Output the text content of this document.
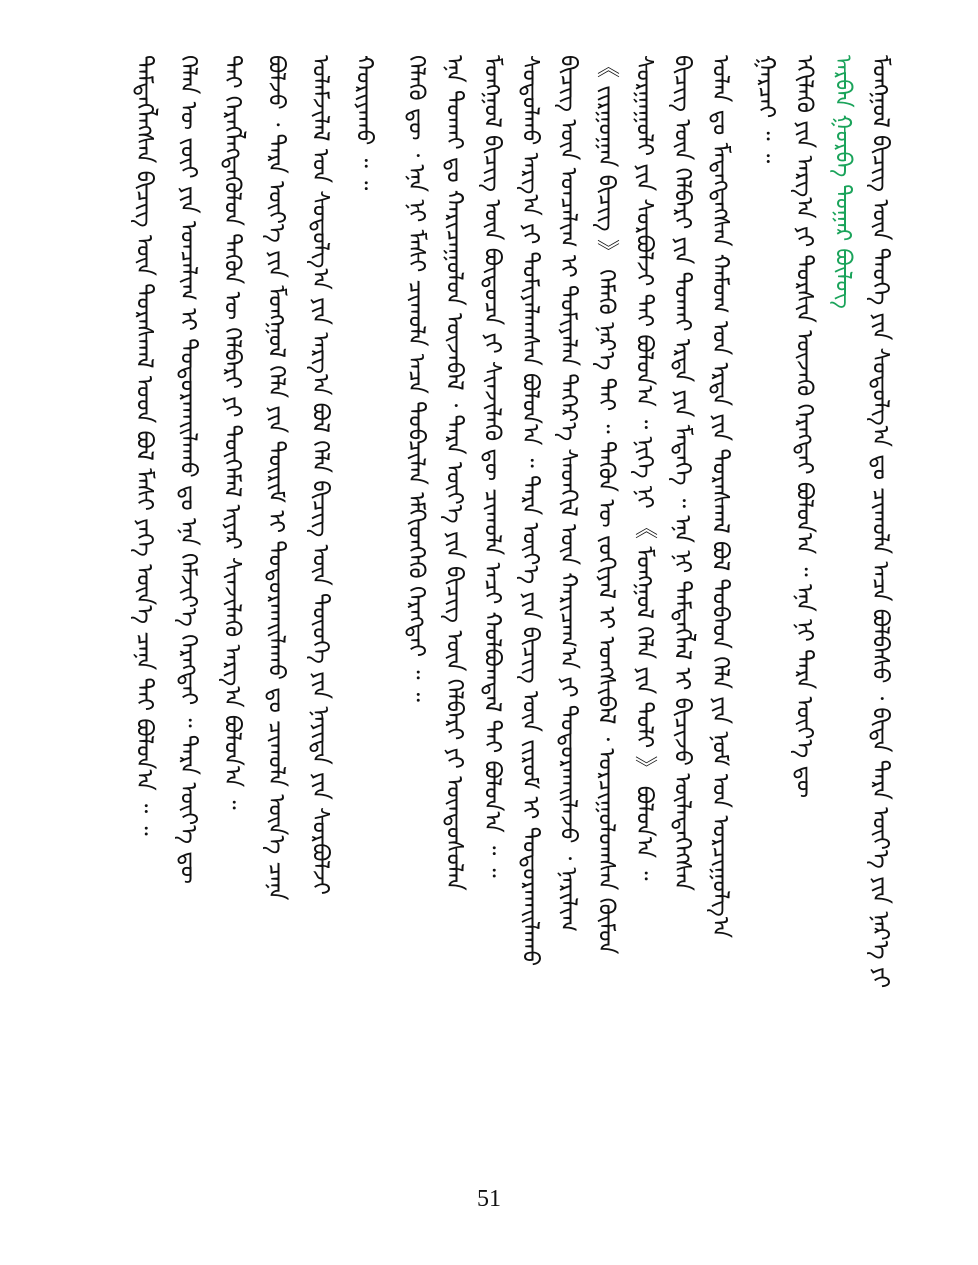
ᠮᠣᠩᠭᠣᠯ ᠪᠢᠴᠢᠭ᠌ ᠦᠨ ᠲᠡᠦᠬᠡ ᠶᠢᠨ ᠰᠤᠳᠤᠯᠭ᠎ᠠ ᠳᠤ ᠴᠢᠬᠤᠯᠠ ᠠᠴᠠ ᠪᠣᠯᠪᠠᠰᠤ ᠂ ᠪᠢᠳᠡ ᠲᠡᠷᠡ ᠦᠶ᠎ᠡ ᠶᠢᠨ ᠨᠡᠷ᠎ᠡ ᠶᠢ
ᠠᠷᠪᠠᠨ ᠭᠤᠷᠪᠠ ᠳᠤᠭᠠᠷ ᠪᠦᠯᠦᠭ
ᠡᠬᠢᠯᠡᠬᠦ ᠶᠢᠨ ᠠᠷᠭ᠎ᠠ ᠶᠢ ᠲᠤᠷᠰᠢᠨ ᠦᠵᠡᠬᠦ ᠬᠡᠷᠡᠭᠲᠡᠢ ᠪᠣᠯᠤᠨ᠎ᠠ ᠃ ᠡᠨᠡ ᠨᠢ ᠲᠡᠷᠡ ᠦᠶ᠎ᠡ ᠳᠦ
ᠭᠠᠷᠴᠠᠢ ᠃ ᠃
ᠣᠯᠠᠨ ᠳᠤ ᠮᠡᠳᠡᠭᠳᠡᠭᠰᠡᠨ ᠬᠠᠮᠤᠭ ᠤᠨ ᠡᠷᠲᠡ ᠶᠢᠨ ᠳᠤᠷᠠᠰᠬᠠᠯ ᠪᠣᠯ ᠲᠣᠪᠡᠳ ᠬᠡᠯᠡ ᠶᠢᠨ ᠨᠣᠮ ᠤᠨ ᠣᠷᠴᠢᠭᠤᠯᠭ᠎ᠠ
ᠪᠢᠴᠢᠭ᠌ ᠦᠨ ᠬᠡᠯᠪᠡᠷᠢ ᠶᠢᠨ ᠲᠤᠬᠠᠢ ᠡᠷᠲᠡ ᠶᠢᠨ ᠮᠡᠳᠡᠭᠡ ᠃ ᠡᠨᠡ ᠨᠢ ᠲᠡᠮᠳᠡᠭᠯᠡᠯ ᠢ ᠪᠢᠴᠢᠵᠦ ᠦᠯᠡᠳᠡᠭᠡᠭᠰᠡᠨ
ᠰᠤᠷᠭᠠᠭᠤᠯᠢ ᠶᠢᠨ ᠰᠤᠷᠪᠤᠯᠵᠢ ᠲᠠᠢ ᠪᠣᠯᠤᠨ᠎ᠠ ᠃ ᠨᠢᠭᠡ ᠨᠢ 《 ᠮᠣᠩᠭᠣᠯ ᠬᠡᠯᠡ ᠶᠢᠨ ᠲᠣᠯᠢ 》 ᠪᠣᠯᠤᠨ᠎ᠠ ᠃
《 ᠵᠢᠷᠭᠤᠭᠠᠨ ᠪᠢᠴᠢᠭ᠌ 》 ᠬᠡᠮᠡᠬᠦ ᠨᠡᠷ᠎ᠡ ᠲᠠᠢ ᠃ ᠲᠡᠭᠦᠨ ᠦ ᠵᠣᠬᠢᠶᠠᠯ ᠢ ᠤᠨᠭᠰᠢᠪᠠᠯ ᠂ ᠣᠷᠴᠢᠭᠤᠯᠤᠭᠰᠠᠨ ᠬᠦᠮᠦᠨ
ᠪᠢᠴᠢᠭ᠌ ᠦᠨ ᠣᠨᠴᠠᠯᠢᠭ ᠢ ᠲᠣᠮᠢᠶᠠᠯᠠᠨ ᠳᠡᠭᠡᠷ᠎ᠡ ᠰᠡᠳᠬᠢᠯ ᠦᠨ ᠬᠠᠷᠢᠴᠠᠭ᠎ᠠ ᠶᠢ ᠲᠣᠳᠤᠷᠬᠠᠢᠯᠠᠵᠤ ᠂ ᠨᠠᠷᠢᠯᠢᠭ
ᠰᠤᠳᠤᠯᠬᠤ ᠠᠷᠭ᠎ᠠ ᠶᠢ ᠲᠣᠮᠢᠶᠠᠯᠠᠭᠰᠠᠨ ᠪᠣᠯᠤᠨ᠎ᠠ ᠃ ᠲᠡᠷᠡ ᠦᠶ᠎ᠡ ᠶᠢᠨ ᠪᠢᠴᠢᠭ᠌ ᠦᠨ ᠵᠢᠷᠤᠮ ᠢ ᠲᠣᠳᠤᠷᠬᠠᠢᠯᠠᠬᠤ
ᠮᠣᠩᠭᠣᠯ ᠪᠢᠴᠢᠭ᠌ ᠦᠨ ᠪᠦᠲᠦᠴᠡ ᠶᠢ ᠰᠢᠨᠵᠢᠯᠡᠬᠦ ᠳᠦ ᠴᠢᠬᠤᠯᠠ ᠠᠴᠢ ᠬᠣᠯᠪᠣᠭᠳᠠᠯ ᠲᠠᠢ ᠪᠣᠯᠤᠨ᠎ᠠ ᠃ ᠃
ᠡᠨᠡ ᠲᠤᠬᠠᠢ ᠳᠤ ᠬᠠᠷᠢᠴᠠᠭᠤᠯᠤᠨ ᠦᠵᠡᠪᠡᠯ ᠂ ᠲᠡᠷᠡ ᠦᠶ᠎ᠡ ᠶᠢᠨ ᠪᠢᠴᠢᠭ᠌ ᠦᠨ ᠬᠡᠯᠪᠡᠷᠢ ᠶᠢ ᠦᠨᠳᠦᠰᠦᠯᠡᠨ
ᠬᠡᠯᠡᠬᠦ ᠳᠦ ᠂ ᠡᠨᠡ ᠨᠢ ᠮᠠᠰᠢ ᠴᠢᠬᠤᠯᠠ ᠠᠴᠠ ᠳᠣᠪᠴᠢᠯᠠᠨ ᠡᠮᠬᠢᠳᠬᠡᠬᠦ ᠬᠡᠷᠡᠭᠲᠡᠢ ᠃ ᠃
ᠬᠣᠷᠢᠶᠠᠬᠤ ᠃ ᠃
ᠤᠯᠠᠮᠵᠢᠯᠠᠯ ᠤᠨ ᠰᠤᠳᠤᠯᠭ᠎ᠠ ᠶᠢᠨ ᠠᠷᠭ᠎ᠠ ᠪᠣᠯ ᠬᠡᠯᠡ ᠪᠢᠴᠢᠭ᠌ ᠦᠨ ᠲᠦᠦᠬᠡ ᠶᠢᠨ ᠨᠡᠶᠢᠲᠡ ᠶᠢᠨ ᠰᠤᠷᠪᠤᠯᠵᠢ
ᠪᠣᠯᠵᠤ ᠂ ᠲᠡᠷᠡ ᠦᠶ᠎ᠡ ᠶᠢᠨ ᠮᠣᠩᠭᠣᠯ ᠬᠡᠯᠡ ᠶᠢᠨ ᠳᠦᠷᠢᠮ ᠢ ᠲᠣᠳᠤᠷᠬᠠᠢᠯᠠᠬᠤ ᠳᠤ ᠴᠢᠬᠤᠯᠠ ᠦᠨ᠎ᠡ ᠴᠡᠨᠡ
ᠲᠠᠢ ᠬᠡᠷᠡᠭᠯᠡᠭᠳᠡᠭᠦᠯᠦᠨ ᠲᠡᠭᠦᠨ ᠦ ᠬᠡᠯᠪᠡᠷᠢ ᠶᠢ ᠲᠦᠭᠡᠮᠡᠯ ᠢᠶᠡᠷ ᠰᠢᠨᠵᠢᠯᠡᠬᠦ ᠠᠷᠭ᠎ᠠ ᠪᠣᠯᠤᠨ᠎ᠠ ᠃
ᠬᠡᠯᠡᠨ ᠦ ᠵᠦᠢ ᠶᠢᠨ ᠣᠨᠴᠠᠯᠢᠭ ᠢ ᠲᠣᠳᠤᠷᠬᠠᠢᠯᠠᠬᠤ ᠳᠤ ᠡᠨᠡ ᠬᠡᠮᠵᠢᠶ᠎ᠡ ᠬᠡᠷᠡᠭᠲᠡᠢ ᠃ ᠲᠡᠷᠡ ᠦᠶ᠎ᠡ ᠳᠦ
ᠲᠡᠮᠳᠡᠭᠯᠡᠭᠰᠡᠨ ᠪᠢᠴᠢᠭ᠌ ᠦᠨ ᠳᠤᠷᠠᠰᠬᠠᠯ ᠤᠳ ᠪᠣᠯ ᠮᠠᠰᠢ ᠶᠡᠬᠡ ᠦᠨ᠎ᠡ ᠴᠡᠨᠡ ᠲᠠᠢ ᠪᠣᠯᠤᠨ᠎ᠠ ᠃ ᠃
51
